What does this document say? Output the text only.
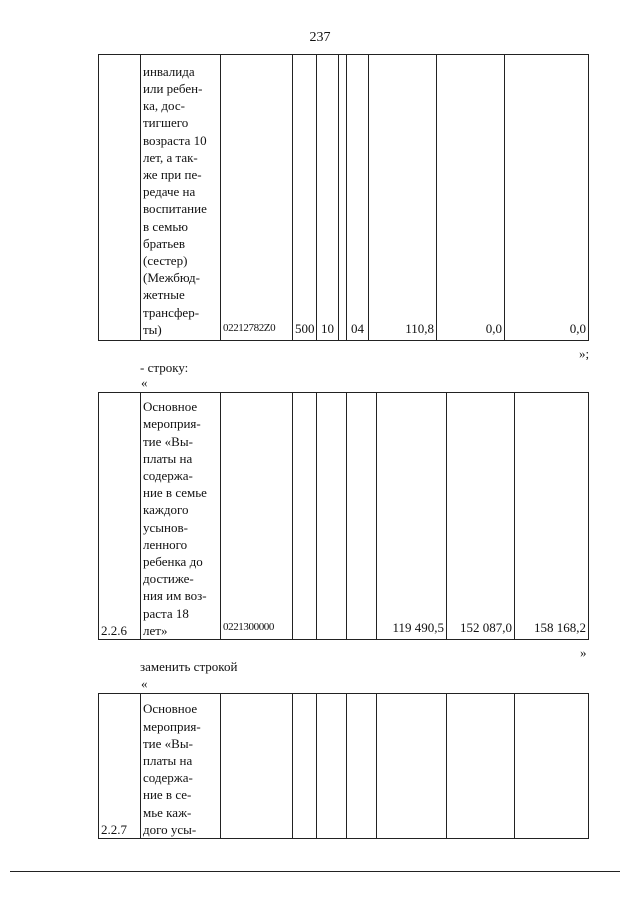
237
	инвалида
или ребен-
ка, дос-
тигшего
возраста 10
лет, а так-
же при пе-
редаче на
воспитание
в семью
братьев
(сестер)
(Межбюд-
жетные
трансфер-
ты)	02212782Z0	500	10		04	110,8	0,0	0,0
»;
- строку:
«
2.2.6	Основное
мероприя-
тие «Вы-
платы на
содержа-
ние в семье
каждого
усынов-
ленного
ребенка до
достиже-
ния им воз-
раста 18
лет»	0221300000				119 490,5	152 087,0	158 168,2
»
заменить строкой
«
2.2.7	Основное
мероприя-
тие «Вы-
платы на
содержа-
ние в се-
мье каж-
дого усы-							
